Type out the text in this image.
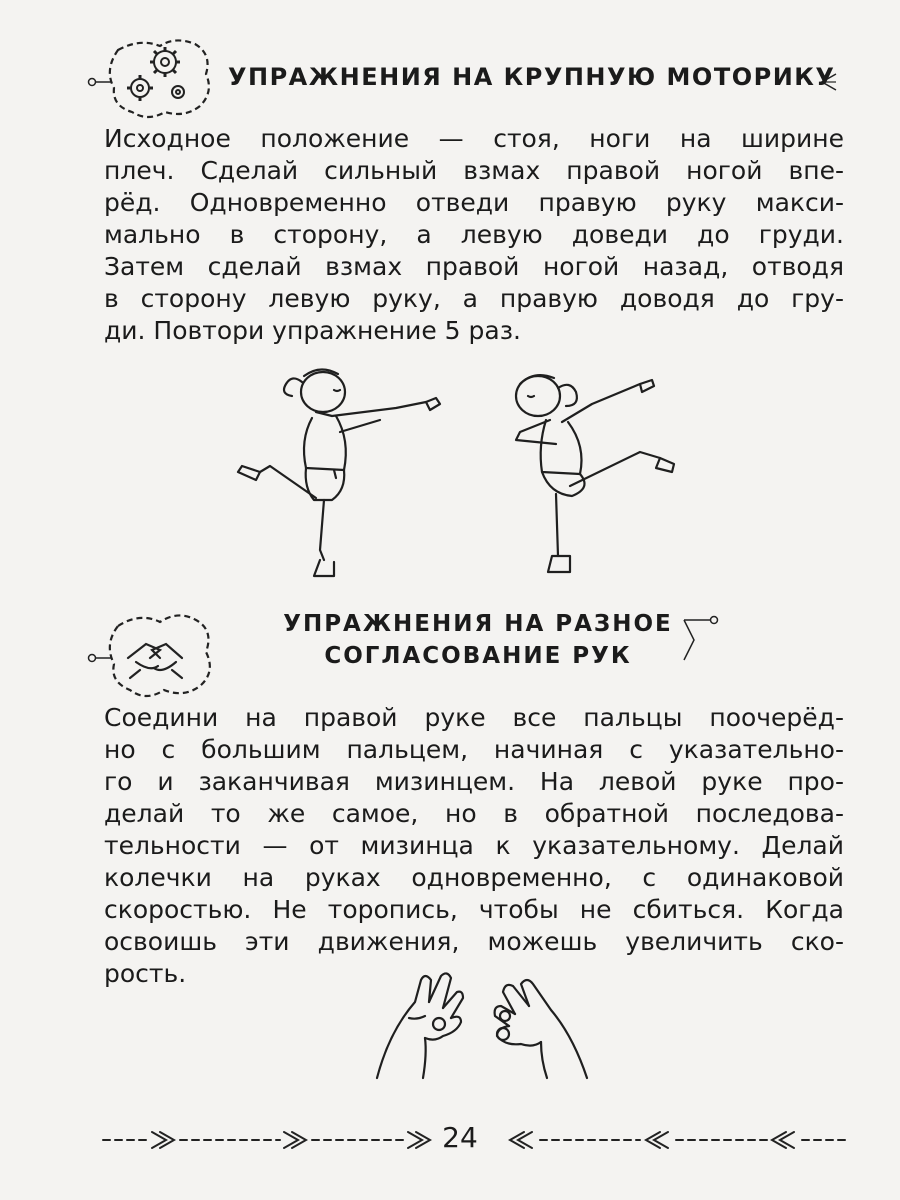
УПРАЖНЕНИЯ НА КРУПНУЮ МОТОРИКУ

Исходное положение — стоя, ноги на ширине
плеч. Сделай сильный взмах правой ногой впе-
рёд. Одновременно отведи правую руку макси-
мально в сторону, а левую доведи до груди.
Затем сделай взмах правой ногой назад, отводя
в сторону левую руку, а правую доводя до гру-
ди. Повтори упражнение 5 раз.

УПРАЖНЕНИЯ НА РАЗНОЕ
СОГЛАСОВАНИЕ РУК

Соедини на правой руке все пальцы поочерёд-
но с большим пальцем, начиная с указательно-
го и заканчивая мизинцем. На левой руке про-
делай то же самое, но в обратной последова-
тельности — от мизинца к указательному. Делай
колечки на руках одновременно, с одинаковой
скоростью. Не торопись, чтобы не сбиться. Когда
освоишь эти движения, можешь увеличить ско-
рость.

24
